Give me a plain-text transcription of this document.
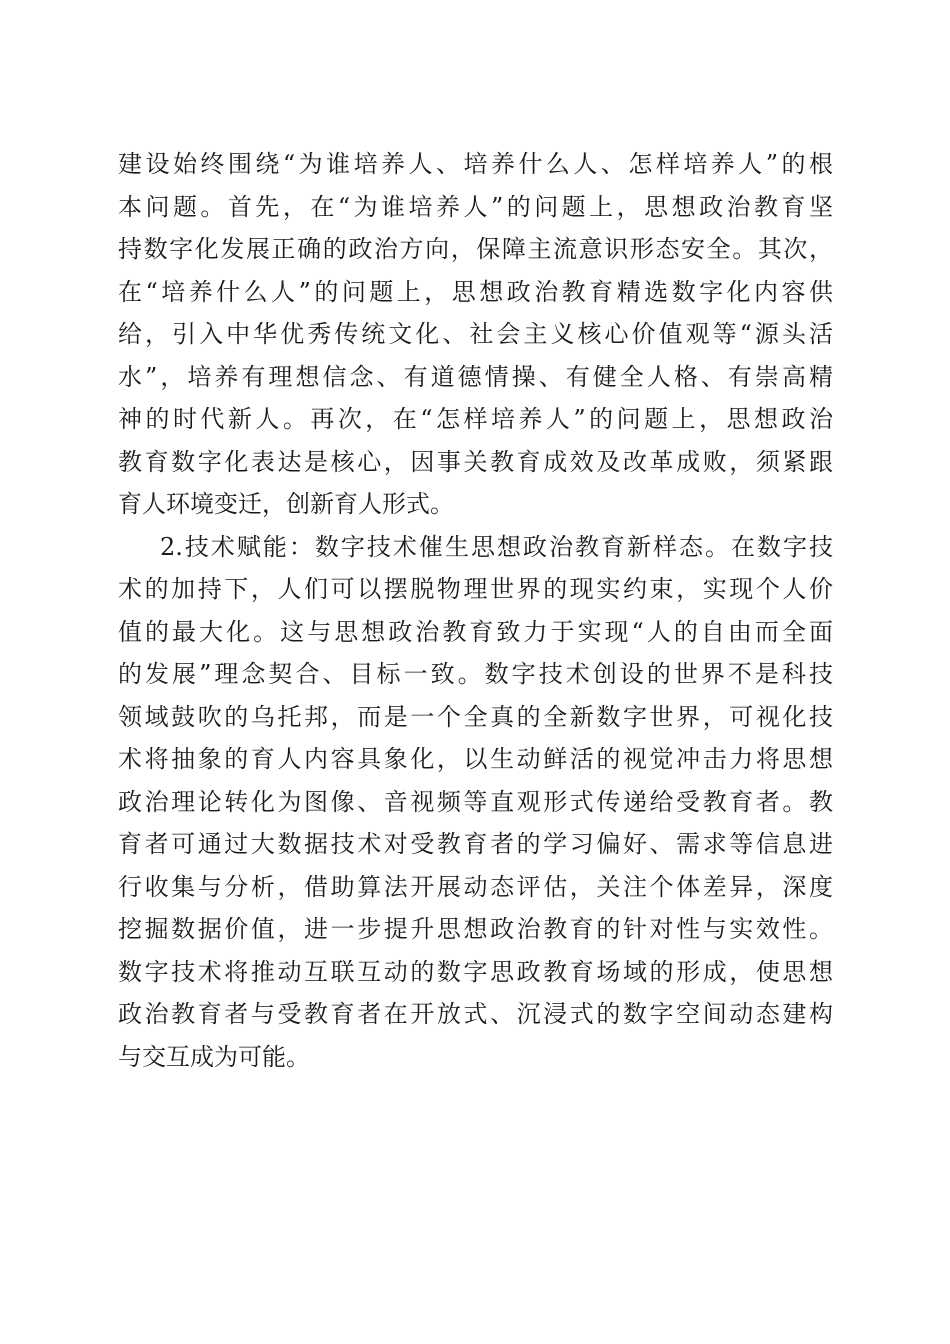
建设始终围绕“为谁培养人、培养什么人、怎样培养人”的根
本问题。首先，在“为谁培养人”的问题上，思想政治教育坚
持数字化发展正确的政治方向，保障主流意识形态安全。其次，
在“培养什么人”的问题上，思想政治教育精选数字化内容供
给，引入中华优秀传统文化、社会主义核心价值观等“源头活
水”，培养有理想信念、有道德情操、有健全人格、有崇高精
神的时代新人。再次，在“怎样培养人”的问题上，思想政治
教育数字化表达是核心，因事关教育成效及改革成败，须紧跟
育人环境变迁，创新育人形式。
2.技术赋能：数字技术催生思想政治教育新样态。在数字技
术的加持下，人们可以摆脱物理世界的现实约束，实现个人价
值的最大化。这与思想政治教育致力于实现“人的自由而全面
的发展”理念契合、目标一致。数字技术创设的世界不是科技
领域鼓吹的乌托邦，而是一个全真的全新数字世界，可视化技
术将抽象的育人内容具象化，以生动鲜活的视觉冲击力将思想
政治理论转化为图像、音视频等直观形式传递给受教育者。教
育者可通过大数据技术对受教育者的学习偏好、需求等信息进
行收集与分析，借助算法开展动态评估，关注个体差异，深度
挖掘数据价值，进一步提升思想政治教育的针对性与实效性。
数字技术将推动互联互动的数字思政教育场域的形成，使思想
政治教育者与受教育者在开放式、沉浸式的数字空间动态建构
与交互成为可能。
